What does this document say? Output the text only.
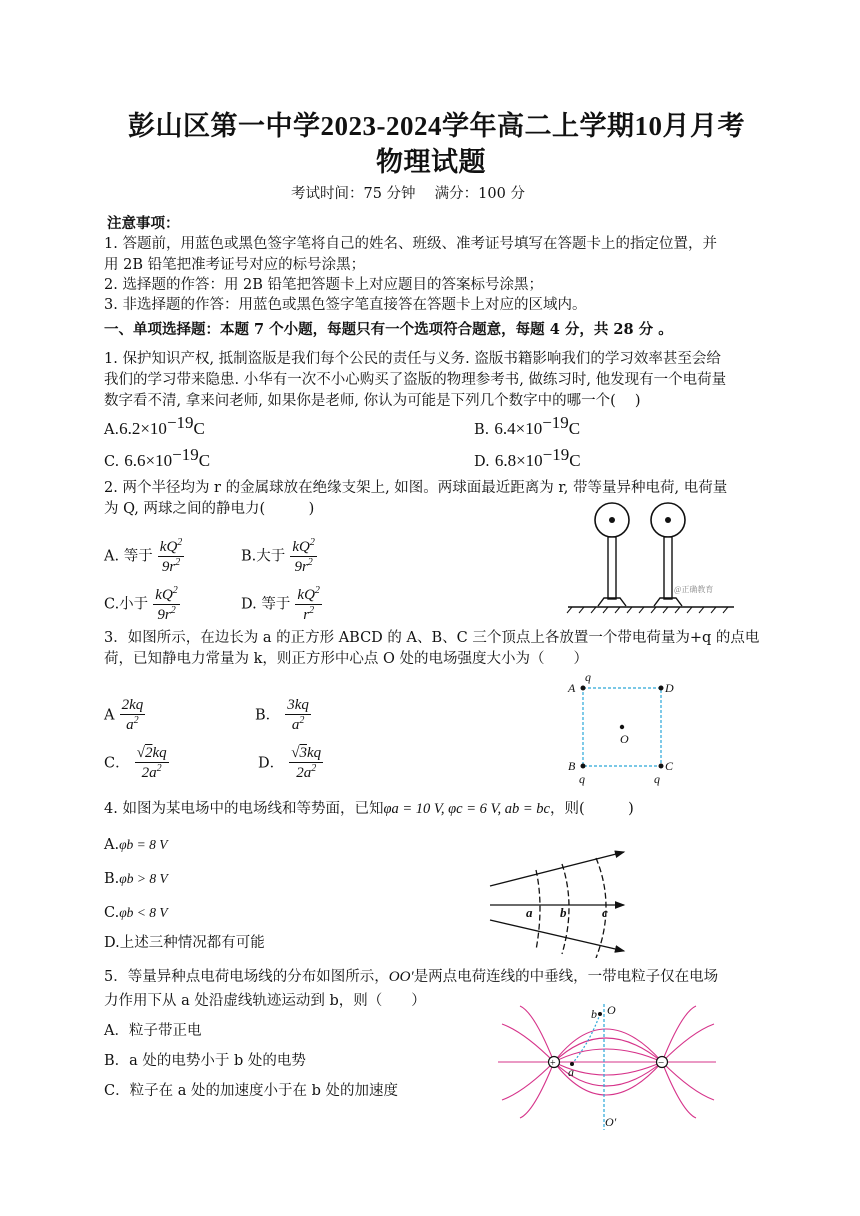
彭山区第一中学2023-2024学年高二上学期10月月考
物理试题
考试时间：75 分钟　 满分：100 分
注意事项：
1. 答题前，用蓝色或黑色签字笔将自己的姓名、班级、准考证号填写在答题卡上的指定位置，并
用 2B 铅笔把准考证号对应的标号涂黑；
2. 选择题的作答：用 2B 铅笔把答题卡上对应题目的答案标号涂黑；
3. 非选择题的作答：用蓝色或黑色签字笔直接答在答题卡上对应的区域内。
一、单项选择题：本题 7 个小题，每题只有一个选项符合题意，每题 4 分，共 28 分 。
1. 保护知识产权, 抵制盗版是我们每个公民的责任与义务. 盗版书籍影响我们的学习效率甚至会给
我们的学习带来隐患. 小华有一次不小心购买了盗版的物理参考书, 做练习时, 他发现有一个电荷量
数字看不清, 拿来问老师, 如果你是老师, 你认为可能是下列几个数字中的哪一个(　 )
$A.6.2\times 10^{-19}C$	B. $6.4\times 10^{-19}C$
C. $6.6\times 10^{-19}C$	D. $6.8\times 10^{-19}C$
2. 两个半径均为 r 的金属球放在绝缘支架上, 如图。两球面最近距离为 r, 带等量异种电荷, 电荷量
为 Q, 两球之间的静电力(　　　)
A. 等于 $\frac{kQ^2}{9r^2}$	B.大于 $\frac{kQ^2}{9r^2}$
C.小于 $\frac{kQ^2}{9r^2}$	D. 等于 $\frac{kQ^2}{r^2}$	@正确教育
3．如图所示，在边长为 a 的正方形 ABCD 的 A、B、C 三个顶点上各放置一个带电荷量为+q 的点电
荷，已知静电力常量为 k，则正方形中心点 O 处的电场强度大小为（　　）
A $\frac{2kq}{a^2}$	B． $\frac{3kq}{a^2}$
C． $\frac{√2kq}{2a^2}$	D． $\frac{√3kq}{2a^2}$
A
q
D
B
q
C
q
O
4. 如图为某电场中的电场线和等势面，已知φa = 10 V, φc = 6 V, ab = bc，则(　　　)
A.φb = 8 V
B.φb > 8 V
C.φb < 8 V
D.上述三种情况都有可能
a b	c
5．等量异种点电荷电场线的分布如图所示，OO′是两点电荷连线的中垂线，一带电粒子仅在电场
力作用下从 a 处沿虚线轨迹运动到 b，则（　　）
A．粒子带正电
B．a 处的电势小于 b 处的电势
C．粒子在 a 处的加速度小于在 b 处的加速度
+	−
a
b O
O′
